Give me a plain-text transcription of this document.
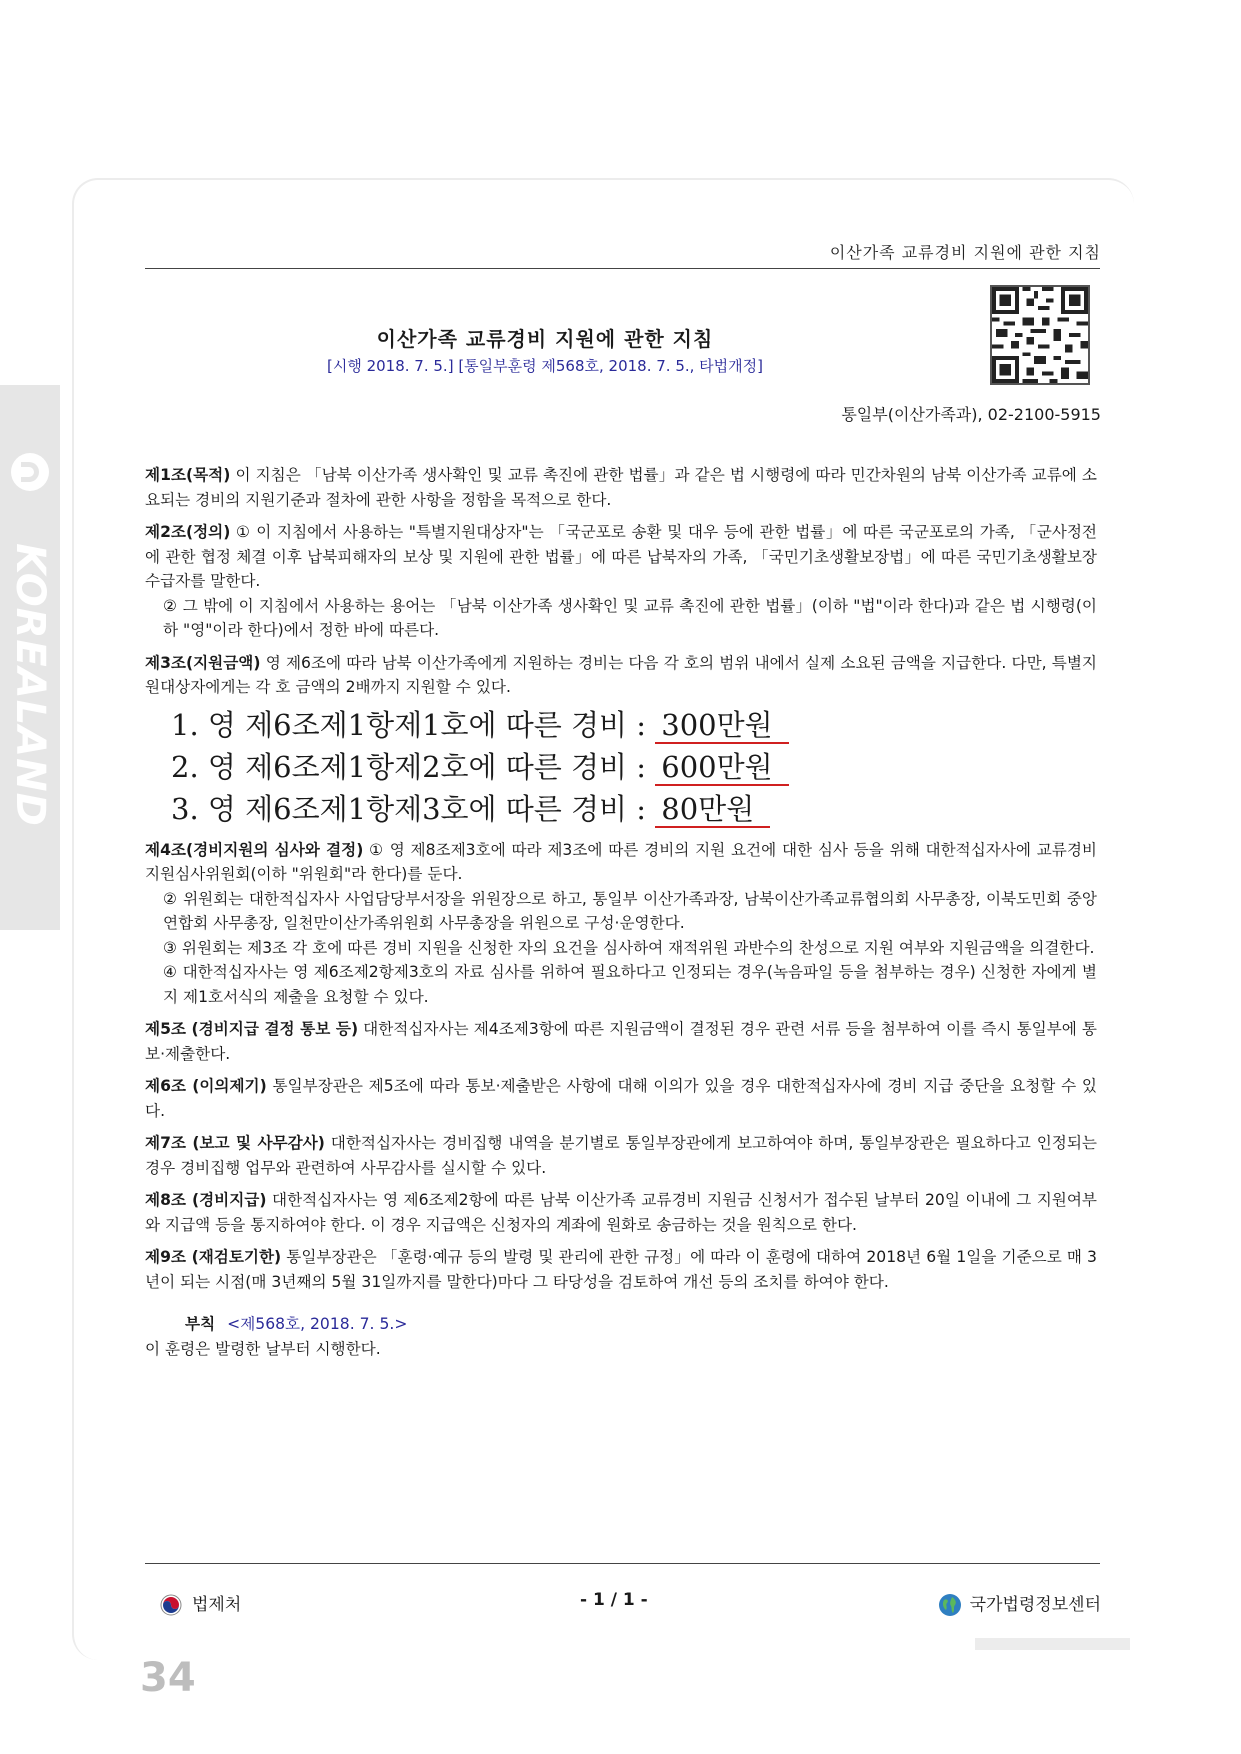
KOREALAND
이산가족 교류경비 지원에 관한 지침
이산가족 교류경비 지원에 관한 지침
[시행 2018. 7. 5.] [통일부훈령 제568호, 2018. 7. 5., 타법개정]
통일부(이산가족과), 02-2100-5915
제1조(목적) 이 지침은 「남북 이산가족 생사확인 및 교류 촉진에 관한 법률」과 같은 법 시행령에 따라 민간차원의 남북 이산가족 교류에 소요되는 경비의 지원기준과 절차에 관한 사항을 정함을 목적으로 한다.
제2조(정의) ① 이 지침에서 사용하는 "특별지원대상자"는 「국군포로 송환 및 대우 등에 관한 법률」에 따른 국군포로의 가족, 「군사정전에 관한 협정 체결 이후 납북피해자의 보상 및 지원에 관한 법률」에 따른 납북자의 가족, 「국민기초생활보장법」에 따른 국민기초생활보장수급자를 말한다.
② 그 밖에 이 지침에서 사용하는 용어는 「남북 이산가족 생사확인 및 교류 촉진에 관한 법률」(이하 "법"이라 한다)과 같은 법 시행령(이하 "영"이라 한다)에서 정한 바에 따른다.
제3조(지원금액) 영 제6조에 따라 남북 이산가족에게 지원하는 경비는 다음 각 호의 범위 내에서 실제 소요된 금액을 지급한다. 다만, 특별지원대상자에게는 각 호 금액의 2배까지 지원할 수 있다.
1. 영 제6조제1항제1호에 따른 경비 : 300만원
2. 영 제6조제1항제2호에 따른 경비 : 600만원
3. 영 제6조제1항제3호에 따른 경비 : 80만원
제4조(경비지원의 심사와 결정) ① 영 제8조제3호에 따라 제3조에 따른 경비의 지원 요건에 대한 심사 등을 위해 대한적십자사에 교류경비지원심사위원회(이하 "위원회"라 한다)를 둔다.
② 위원회는 대한적십자사 사업담당부서장을 위원장으로 하고, 통일부 이산가족과장, 남북이산가족교류협의회 사무총장, 이북도민회 중앙연합회 사무총장, 일천만이산가족위원회 사무총장을 위원으로 구성·운영한다.
③ 위원회는 제3조 각 호에 따른 경비 지원을 신청한 자의 요건을 심사하여 재적위원 과반수의 찬성으로 지원 여부와 지원금액을 의결한다.
④ 대한적십자사는 영 제6조제2항제3호의 자료 심사를 위하여 필요하다고 인정되는 경우(녹음파일 등을 첨부하는 경우) 신청한 자에게 별지 제1호서식의 제출을 요청할 수 있다.
제5조 (경비지급 결정 통보 등) 대한적십자사는 제4조제3항에 따른 지원금액이 결정된 경우 관련 서류 등을 첨부하여 이를 즉시 통일부에 통보·제출한다.
제6조 (이의제기) 통일부장관은 제5조에 따라 통보·제출받은 사항에 대해 이의가 있을 경우 대한적십자사에 경비 지급 중단을 요청할 수 있다.
제7조 (보고 및 사무감사) 대한적십자사는 경비집행 내역을 분기별로 통일부장관에게 보고하여야 하며, 통일부장관은 필요하다고 인정되는 경우 경비집행 업무와 관련하여 사무감사를 실시할 수 있다.
제8조 (경비지급) 대한적십자사는 영 제6조제2항에 따른 남북 이산가족 교류경비 지원금 신청서가 접수된 날부터 20일 이내에 그 지원여부와 지급액 등을 통지하여야 한다. 이 경우 지급액은 신청자의 계좌에 원화로 송금하는 것을 원칙으로 한다.
제9조 (재검토기한) 통일부장관은 「훈령·예규 등의 발령 및 관리에 관한 규정」에 따라 이 훈령에 대하여 2018년 6월 1일을 기준으로 매 3년이 되는 시점(매 3년째의 5월 31일까지를 말한다)마다 그 타당성을 검토하여 개선 등의 조치를 하여야 한다.
부칙 <제568호, 2018. 7. 5.>
이 훈령은 발령한 날부터 시행한다.
법제처	- 1 / 1 -	국가법령정보센터
34
